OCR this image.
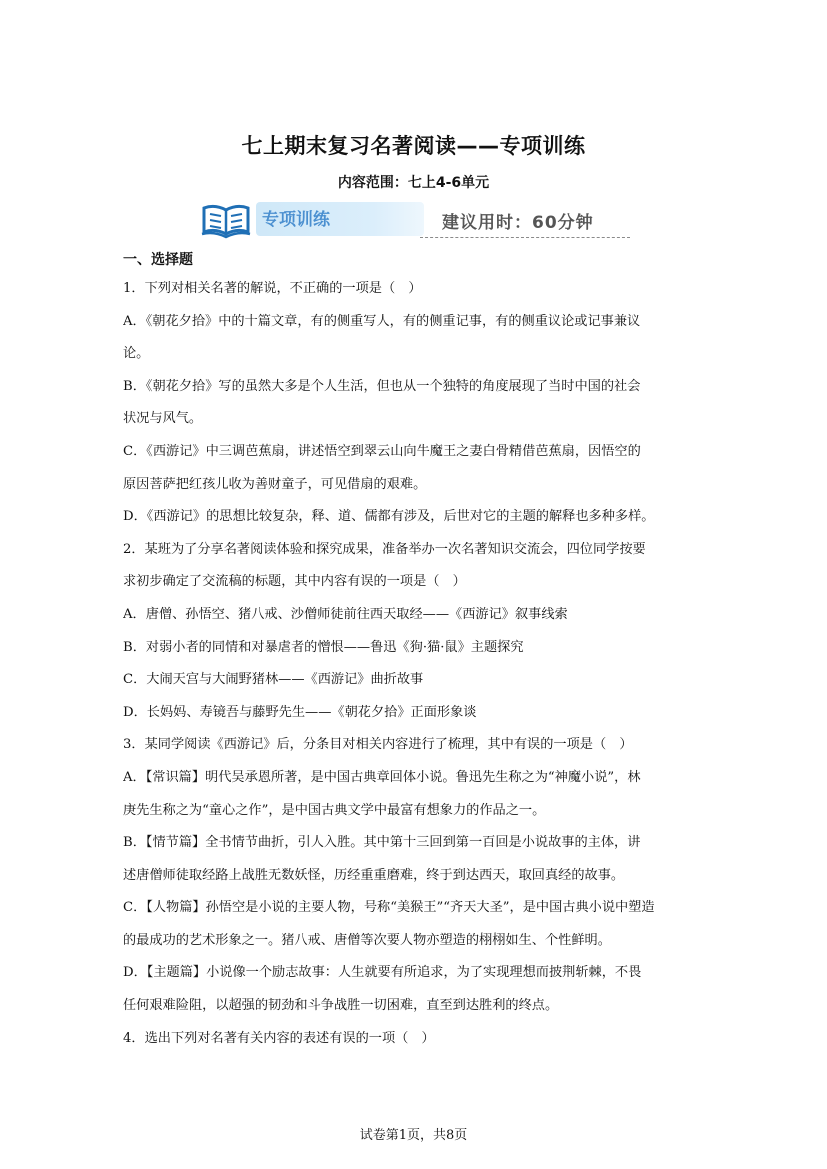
七上期末复习名著阅读——专项训练
内容范围：七上4-6单元
专项训练	建议用时：60分钟
一、选择题
1．下列对相关名著的解说，不正确的一项是（　）
A．《朝花夕拾》中的十篇文章，有的侧重写人，有的侧重记事，有的侧重议论或记事兼议
论。
B．《朝花夕拾》写的虽然大多是个人生活，但也从一个独特的角度展现了当时中国的社会
状况与风气。
C．《西游记》中三调芭蕉扇，讲述悟空到翠云山向牛魔王之妻白骨精借芭蕉扇，因悟空的
原因菩萨把红孩儿收为善财童子，可见借扇的艰难。
D．《西游记》的思想比较复杂，释、道、儒都有涉及，后世对它的主题的解释也多种多样。
2．某班为了分享名著阅读体验和探究成果，准备举办一次名著知识交流会，四位同学按要
求初步确定了交流稿的标题，其中内容有误的一项是（　）
A．唐僧、孙悟空、猪八戒、沙僧师徒前往西天取经——《西游记》叙事线索
B．对弱小者的同情和对暴虐者的憎恨——鲁迅《狗·猫·鼠》主题探究
C．大闹天宫与大闹野猪林——《西游记》曲折故事
D．长妈妈、寿镜吾与藤野先生——《朝花夕拾》正面形象谈
3．某同学阅读《西游记》后，分条目对相关内容进行了梳理，其中有误的一项是（　）
A．【常识篇】明代吴承恩所著，是中国古典章回体小说。鲁迅先生称之为“神魔小说”，林
庚先生称之为“童心之作”，是中国古典文学中最富有想象力的作品之一。
B．【情节篇】全书情节曲折，引人入胜。其中第十三回到第一百回是小说故事的主体，讲
述唐僧师徒取经路上战胜无数妖怪，历经重重磨难，终于到达西天，取回真经的故事。
C．【人物篇】孙悟空是小说的主要人物，号称“美猴王”“齐天大圣”，是中国古典小说中塑造
的最成功的艺术形象之一。猪八戒、唐僧等次要人物亦塑造的栩栩如生、个性鲜明。
D．【主题篇】小说像一个励志故事：人生就要有所追求，为了实现理想而披荆斩棘，不畏
任何艰难险阻，以超强的韧劲和斗争战胜一切困难，直至到达胜利的终点。
4．选出下列对名著有关内容的表述有误的一项（　）
试卷第1页，共8页
